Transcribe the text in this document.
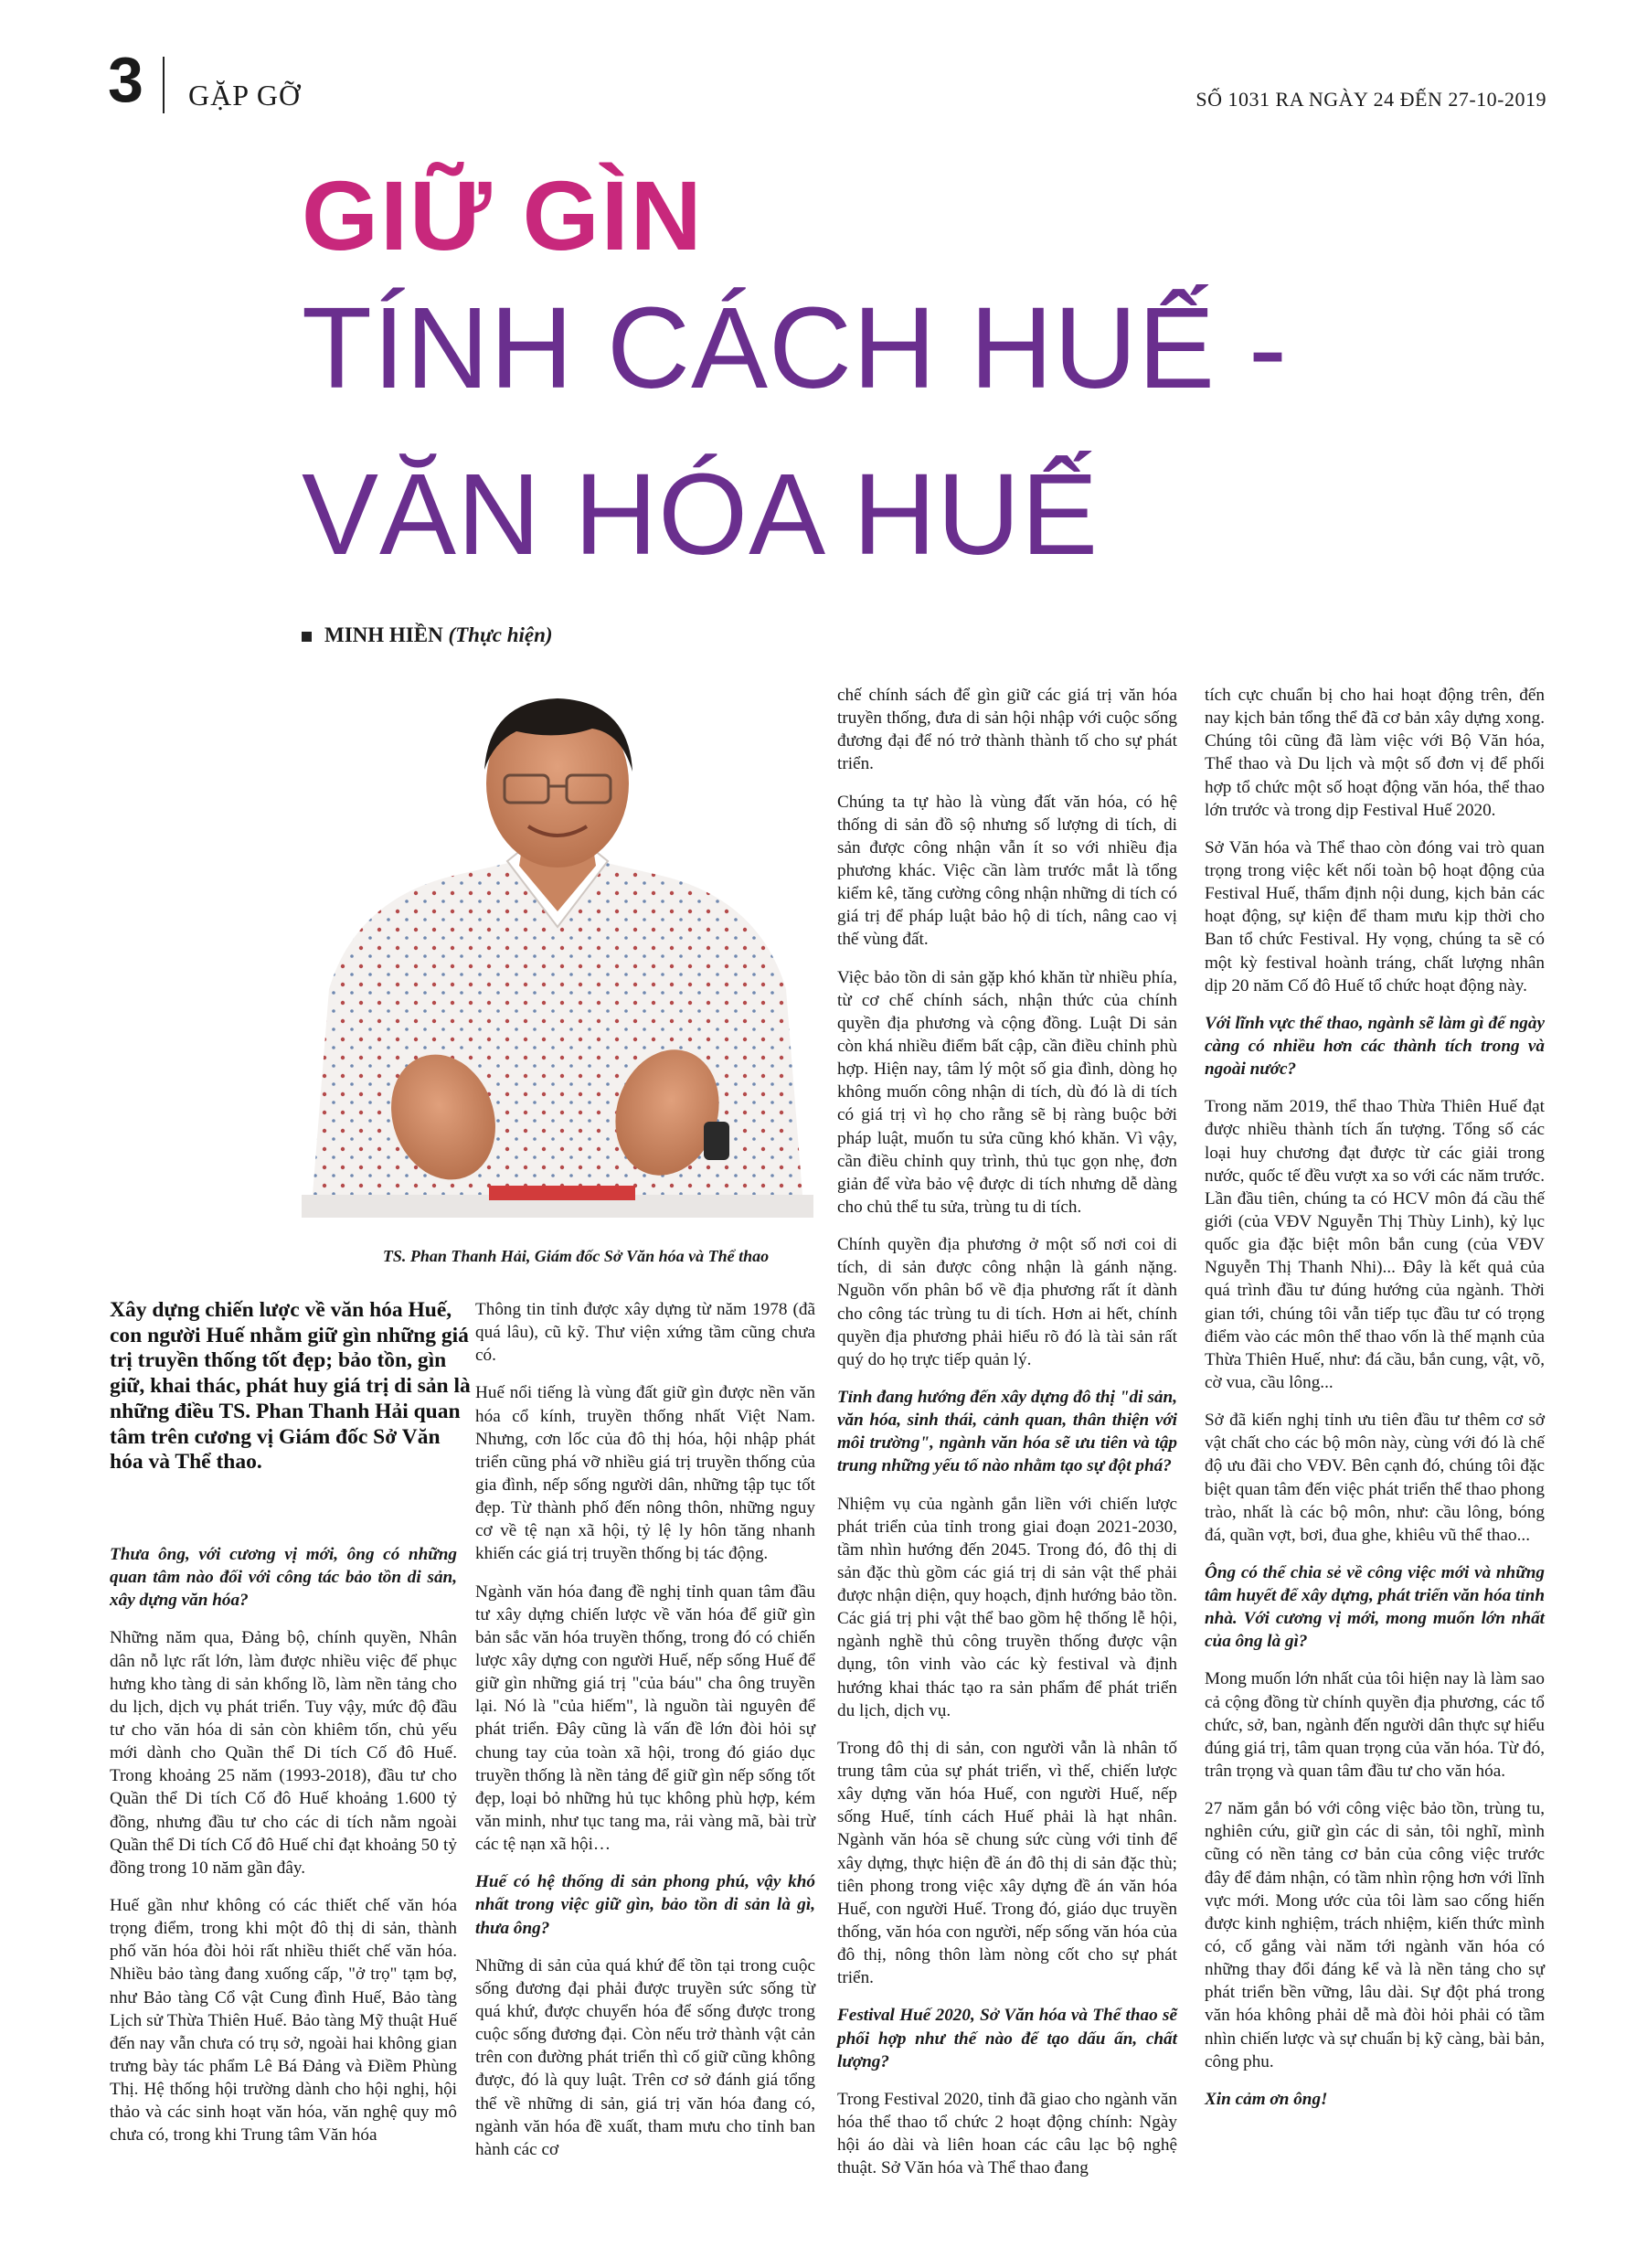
3 GẶP GỠ	SỐ 1031 RA NGÀY 24 ĐẾN 27-10-2019
GIỮ GÌN
TÍNH CÁCH HUẾ -
VĂN HÓA HUẾ
MINH HIỀN (Thực hiện)
TS. Phan Thanh Hải, Giám đốc Sở Văn hóa và Thể thao
Xây dựng chiến lược về văn hóa Huế, con người Huế nhằm giữ gìn những giá trị truyền thống tốt đẹp; bảo tồn, gìn giữ, khai thác, phát huy giá trị di sản là những điều TS. Phan Thanh Hải quan tâm trên cương vị Giám đốc Sở Văn hóa và Thể thao.

Thưa ông, với cương vị mới, ông có những quan tâm nào đối với công tác bảo tồn di sản, xây dựng văn hóa?

Những năm qua, Đảng bộ, chính quyền, Nhân dân nỗ lực rất lớn, làm được nhiều việc để phục hưng kho tàng di sản khổng lồ, làm nền tảng cho du lịch, dịch vụ phát triển. Tuy vậy, mức độ đầu tư cho văn hóa di sản còn khiêm tốn, chủ yếu mới dành cho Quần thể Di tích Cố đô Huế. Trong khoảng 25 năm (1993-2018), đầu tư cho Quần thể Di tích Cố đô Huế khoảng 1.600 tỷ đồng, nhưng đầu tư cho các di tích nằm ngoài Quần thể Di tích Cố đô Huế chỉ đạt khoảng 50 tỷ đồng trong 10 năm gần đây.

Huế gần như không có các thiết chế văn hóa trọng điểm, trong khi một đô thị di sản, thành phố văn hóa đòi hỏi rất nhiều thiết chế văn hóa. Nhiều bảo tàng đang xuống cấp, "ở trọ" tạm bợ, như Bảo tàng Cổ vật Cung đình Huế, Bảo tàng Lịch sử Thừa Thiên Huế. Bảo tàng Mỹ thuật Huế đến nay vẫn chưa có trụ sở, ngoài hai không gian trưng bày tác phẩm Lê Bá Đảng và Điềm Phùng Thị. Hệ thống hội trường dành cho hội nghị, hội thảo và các sinh hoạt văn hóa, văn nghệ quy mô chưa có, trong khi Trung tâm Văn hóa

Thông tin tỉnh được xây dựng từ năm 1978 (đã quá lâu), cũ kỹ. Thư viện xứng tầm cũng chưa có.

Huế nổi tiếng là vùng đất giữ gìn được nền văn hóa cổ kính, truyền thống nhất Việt Nam. Nhưng, cơn lốc của đô thị hóa, hội nhập phát triển cũng phá vỡ nhiều giá trị truyền thống của gia đình, nếp sống người dân, những tập tục tốt đẹp. Từ thành phố đến nông thôn, những nguy cơ về tệ nạn xã hội, tỷ lệ ly hôn tăng nhanh khiến các giá trị truyền thống bị tác động.

Ngành văn hóa đang đề nghị tỉnh quan tâm đầu tư xây dựng chiến lược về văn hóa để giữ gìn bản sắc văn hóa truyền thống, trong đó có chiến lược xây dựng con người Huế, nếp sống Huế để giữ gìn những giá trị "của báu" cha ông truyền lại. Nó là "của hiếm", là nguồn tài nguyên để phát triển. Đây cũng là vấn đề lớn đòi hỏi sự chung tay của toàn xã hội, trong đó giáo dục truyền thống là nền tảng để giữ gìn nếp sống tốt đẹp, loại bỏ những hủ tục không phù hợp, kém văn minh, như tục tang ma, rải vàng mã, bài trừ các tệ nạn xã hội…

Huế có hệ thống di sản phong phú, vậy khó nhất trong việc giữ gìn, bảo tồn di sản là gì, thưa ông?

Những di sản của quá khứ để tồn tại trong cuộc sống đương đại phải được truyền sức sống từ quá khứ, được chuyển hóa để sống được trong cuộc sống đương đại. Còn nếu trở thành vật cản trên con đường phát triển thì cố giữ cũng không được, đó là quy luật. Trên cơ sở đánh giá tổng thể về những di sản, giá trị văn hóa đang có, ngành văn hóa đề xuất, tham mưu cho tỉnh ban hành các cơ

chế chính sách để gìn giữ các giá trị văn hóa truyền thống, đưa di sản hội nhập với cuộc sống đương đại để nó trở thành thành tố cho sự phát triển.

Chúng ta tự hào là vùng đất văn hóa, có hệ thống di sản đồ sộ nhưng số lượng di tích, di sản được công nhận vẫn ít so với nhiều địa phương khác. Việc cần làm trước mắt là tổng kiểm kê, tăng cường công nhận những di tích có giá trị để pháp luật bảo hộ di tích, nâng cao vị thế vùng đất.

Việc bảo tồn di sản gặp khó khăn từ nhiều phía, từ cơ chế chính sách, nhận thức của chính quyền địa phương và cộng đồng. Luật Di sản còn khá nhiều điểm bất cập, cần điều chỉnh phù hợp. Hiện nay, tâm lý một số gia đình, dòng họ không muốn công nhận di tích, dù đó là di tích có giá trị vì họ cho rằng sẽ bị ràng buộc bởi pháp luật, muốn tu sửa cũng khó khăn. Vì vậy, cần điều chỉnh quy trình, thủ tục gọn nhẹ, đơn giản để vừa bảo vệ được di tích nhưng dễ dàng cho chủ thể tu sửa, trùng tu di tích.

Chính quyền địa phương ở một số nơi coi di tích, di sản được công nhận là gánh nặng. Nguồn vốn phân bổ về địa phương rất ít dành cho công tác trùng tu di tích. Hơn ai hết, chính quyền địa phương phải hiểu rõ đó là tài sản rất quý do họ trực tiếp quản lý.

Tỉnh đang hướng đến xây dựng đô thị "di sản, văn hóa, sinh thái, cảnh quan, thân thiện với môi trường", ngành văn hóa sẽ ưu tiên và tập trung những yếu tố nào nhằm tạo sự đột phá?

Nhiệm vụ của ngành gắn liền với chiến lược phát triển của tỉnh trong giai đoạn 2021-2030, tầm nhìn hướng đến 2045. Trong đó, đô thị di sản đặc thù gồm các giá trị di sản vật thể phải được nhận diện, quy hoạch, định hướng bảo tồn. Các giá trị phi vật thể bao gồm hệ thống lễ hội, ngành nghề thủ công truyền thống được vận dụng, tôn vinh vào các kỳ festival và định hướng khai thác tạo ra sản phẩm để phát triển du lịch, dịch vụ.

Trong đô thị di sản, con người vẫn là nhân tố trung tâm của sự phát triển, vì thế, chiến lược xây dựng văn hóa Huế, con người Huế, nếp sống Huế, tính cách Huế phải là hạt nhân. Ngành văn hóa sẽ chung sức cùng với tỉnh để xây dựng, thực hiện đề án đô thị di sản đặc thù; tiên phong trong việc xây dựng đề án văn hóa Huế, con người Huế. Trong đó, giáo dục truyền thống, văn hóa con người, nếp sống văn hóa của đô thị, nông thôn làm nòng cốt cho sự phát triển.

Festival Huế 2020, Sở Văn hóa và Thể thao sẽ phối hợp như thế nào để tạo dấu ấn, chất lượng?

Trong Festival 2020, tỉnh đã giao cho ngành văn hóa thể thao tổ chức 2 hoạt động chính: Ngày hội áo dài và liên hoan các câu lạc bộ nghệ thuật. Sở Văn hóa và Thể thao đang

tích cực chuẩn bị cho hai hoạt động trên, đến nay kịch bản tổng thể đã cơ bản xây dựng xong. Chúng tôi cũng đã làm việc với Bộ Văn hóa, Thể thao và Du lịch và một số đơn vị để phối hợp tổ chức một số hoạt động văn hóa, thể thao lớn trước và trong dịp Festival Huế 2020.

Sở Văn hóa và Thể thao còn đóng vai trò quan trọng trong việc kết nối toàn bộ hoạt động của Festival Huế, thẩm định nội dung, kịch bản các hoạt động, sự kiện để tham mưu kịp thời cho Ban tổ chức Festival. Hy vọng, chúng ta sẽ có một kỳ festival hoành tráng, chất lượng nhân dịp 20 năm Cố đô Huế tổ chức hoạt động này.

Với lĩnh vực thể thao, ngành sẽ làm gì để ngày càng có nhiều hơn các thành tích trong và ngoài nước?

Trong năm 2019, thể thao Thừa Thiên Huế đạt được nhiều thành tích ấn tượng. Tổng số các loại huy chương đạt được từ các giải trong nước, quốc tế đều vượt xa so với các năm trước. Lần đầu tiên, chúng ta có HCV môn đá cầu thế giới (của VĐV Nguyễn Thị Thùy Linh), kỷ lục quốc gia đặc biệt môn bắn cung (của VĐV Nguyễn Thị Thanh Nhi)... Đây là kết quả của quá trình đầu tư đúng hướng của ngành. Thời gian tới, chúng tôi vẫn tiếp tục đầu tư có trọng điểm vào các môn thể thao vốn là thế mạnh của Thừa Thiên Huế, như: đá cầu, bắn cung, vật, võ, cờ vua, cầu lông...

Sở đã kiến nghị tỉnh ưu tiên đầu tư thêm cơ sở vật chất cho các bộ môn này, cùng với đó là chế độ ưu đãi cho VĐV. Bên cạnh đó, chúng tôi đặc biệt quan tâm đến việc phát triển thể thao phong trào, nhất là các bộ môn, như: cầu lông, bóng đá, quần vợt, bơi, đua ghe, khiêu vũ thể thao...

Ông có thể chia sẻ về công việc mới và những tâm huyết để xây dựng, phát triển văn hóa tỉnh nhà. Với cương vị mới, mong muốn lớn nhất của ông là gì?

Mong muốn lớn nhất của tôi hiện nay là làm sao cả cộng đồng từ chính quyền địa phương, các tổ chức, sở, ban, ngành đến người dân thực sự hiểu đúng giá trị, tâm quan trọng của văn hóa. Từ đó, trân trọng và quan tâm đầu tư cho văn hóa.

27 năm gắn bó với công việc bảo tồn, trùng tu, nghiên cứu, giữ gìn các di sản, tôi nghĩ, mình cũng có nền tảng cơ bản của công việc trước đây để đảm nhận, có tầm nhìn rộng hơn với lĩnh vực mới. Mong ước của tôi làm sao cống hiến được kinh nghiệm, trách nhiệm, kiến thức mình có, cố gắng vài năm tới ngành văn hóa có những thay đổi đáng kể và là nền tảng cho sự phát triển bền vững, lâu dài. Sự đột phá trong văn hóa không phải dễ mà đòi hỏi phải có tầm nhìn chiến lược và sự chuẩn bị kỹ càng, bài bản, công phu.

Xin cảm ơn ông!
